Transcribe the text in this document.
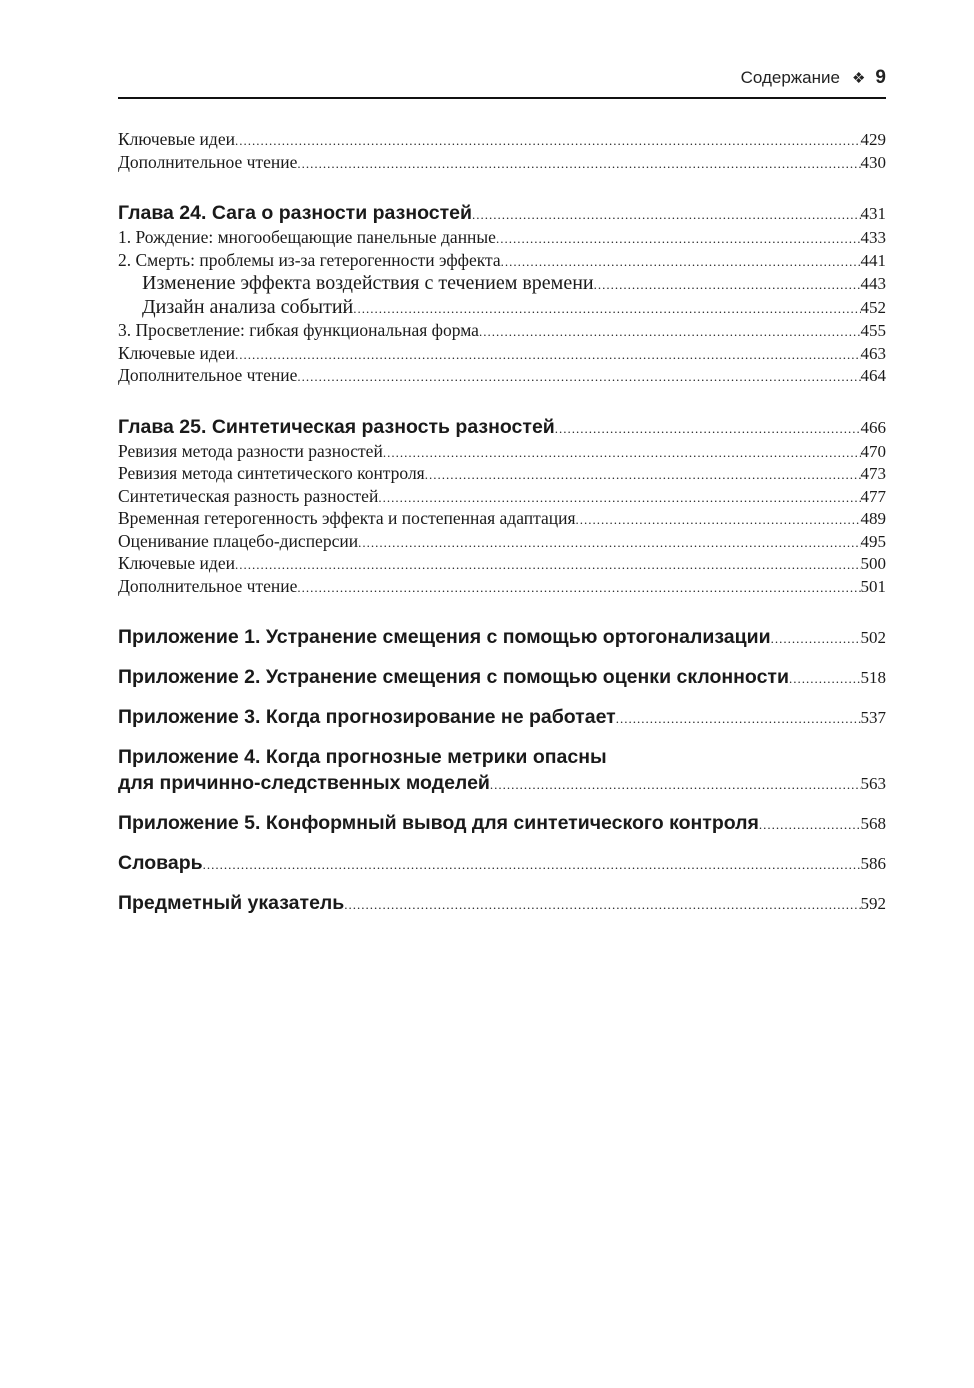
Содержание ❖ 9
Ключевые идеи .....	429
Дополнительное чтение .....	430
Глава 24. Сага о разности разностей .....	431
1. Рождение: многообещающие панельные данные .....	433
2. Смерть: проблемы из-за гетерогенности эффекта .....	441
Изменение эффекта воздействия с течением времени .....	443
Дизайн анализа событий .....	452
3. Просветление: гибкая функциональная форма .....	455
Ключевые идеи .....	463
Дополнительное чтение .....	464
Глава 25. Синтетическая разность разностей .....	466
Ревизия метода разности разностей .....	470
Ревизия метода синтетического контроля .....	473
Синтетическая разность разностей .....	477
Временная гетерогенность эффекта и постепенная адаптация .....	489
Оценивание плацебо-дисперсии .....	495
Ключевые идеи .....	500
Дополнительное чтение .....	501
Приложение 1. Устранение смещения с помощью ортогонализации .....	502
Приложение 2. Устранение смещения с помощью оценки склонности .....	518
Приложение 3. Когда прогнозирование не работает .....	537
Приложение 4. Когда прогнозные метрики опасны
для причинно-следственных моделей .....	563
Приложение 5. Конформный вывод для синтетического контроля .....	568
Словарь .....	586
Предметный указатель .....	592
